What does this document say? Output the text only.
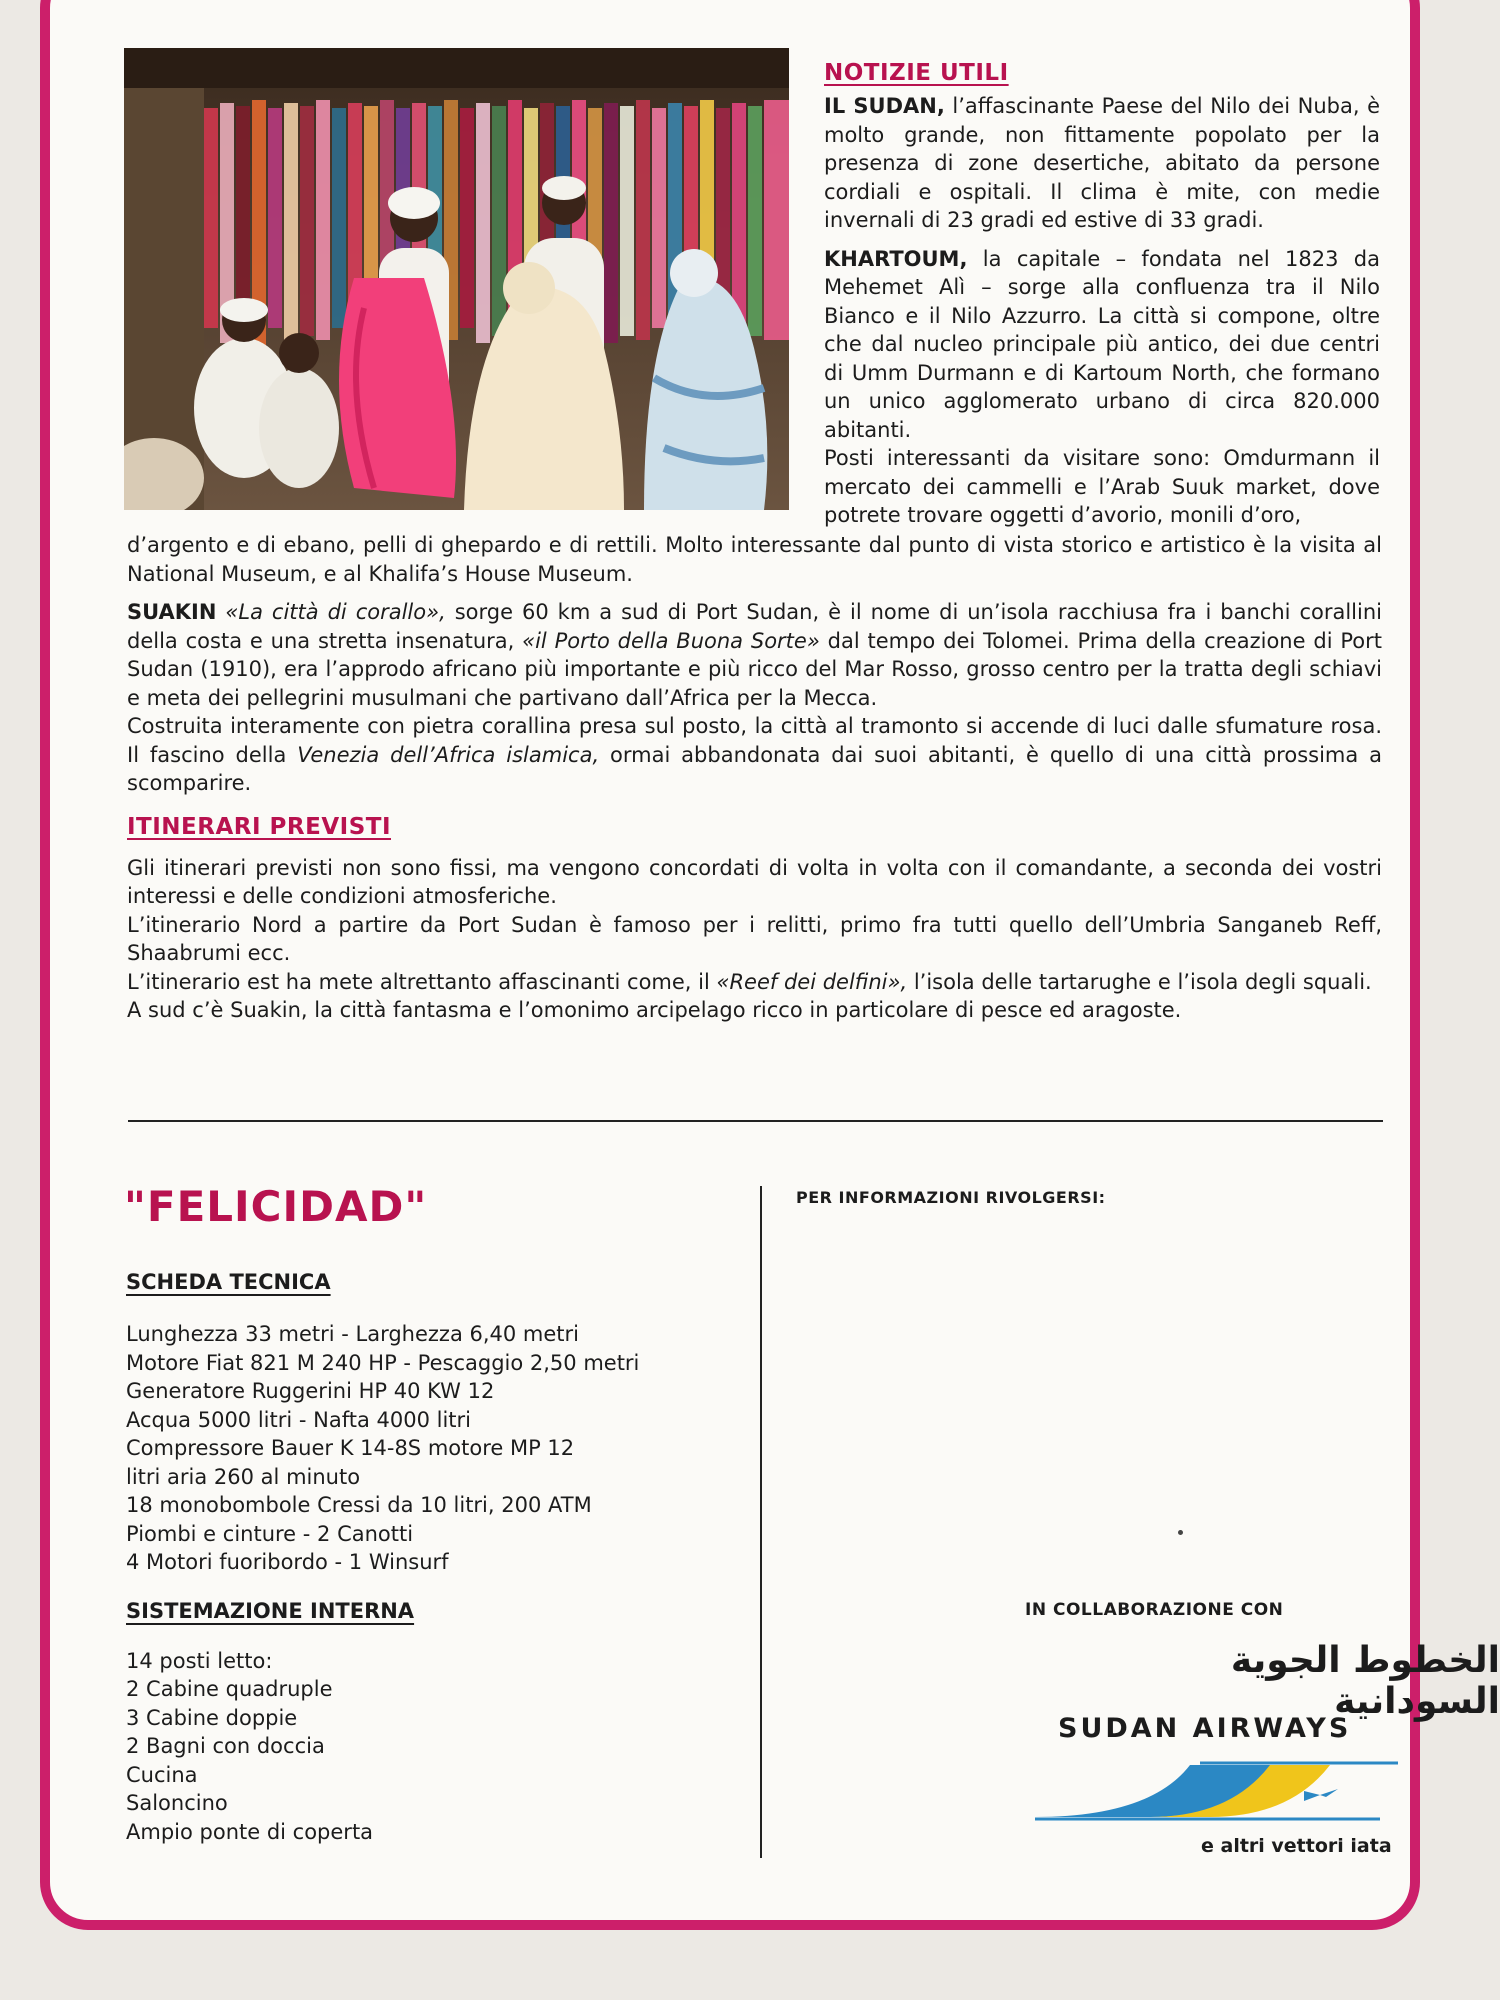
NOTIZIE UTILI

IL SUDAN, l’affascinante Paese del Nilo dei Nuba, è molto grande, non fittamente popolato per la presenza di zone desertiche, abitato da persone cordiali e ospitali. Il clima è mite, con medie invernali di 23 gradi ed estive di 33 gradi.

KHARTOUM, la capitale – fondata nel 1823 da Mehemet Alì – sorge alla confluenza tra il Nilo Bianco e il Nilo Azzurro. La città si compone, oltre che dal nucleo principale più antico, dei due centri di Umm Durmann e di Kartoum North, che formano un unico agglomerato urbano di circa 820.000 abitanti.

Posti interessanti da visitare sono: Omdurmann il mercato dei cammelli e l’Arab Suuk market, dove potrete trovare oggetti d’avorio, monili d’oro,

d’argento e di ebano, pelli di ghepardo e di rettili. Molto interessante dal punto di vista storico e artistico è la visita al National Museum, e al Khalifa’s House Museum.

SUAKIN «La città di corallo», sorge 60 km a sud di Port Sudan, è il nome di un’isola racchiusa fra i banchi corallini della costa e una stretta insenatura, «il Porto della Buona Sorte» dal tempo dei Tolomei. Prima della creazione di Port Sudan (1910), era l’approdo africano più importante e più ricco del Mar Rosso, grosso centro per la tratta degli schiavi e meta dei pellegrini musulmani che partivano dall’Africa per la Mecca.

Costruita interamente con pietra corallina presa sul posto, la città al tramonto si accende di luci dalle sfumature rosa. Il fascino della Venezia dell’Africa islamica, ormai abbandonata dai suoi abitanti, è quello di una città prossima a scomparire.

ITINERARI PREVISTI

Gli itinerari previsti non sono fissi, ma vengono concordati di volta in volta con il comandante, a seconda dei vostri interessi e delle condizioni atmosferiche.

L’itinerario Nord a partire da Port Sudan è famoso per i relitti, primo fra tutti quello dell’Umbria Sanganeb Reff, Shaabrumi ecc.

L’itinerario est ha mete altrettanto affascinanti come, il «Reef dei delfini», l’isola delle tartarughe e l’isola degli squali.

A sud c’è Suakin, la città fantasma e l’omonimo arcipelago ricco in particolare di pesce ed aragoste.

"FELICIDAD"
SCHEDA TECNICA
Lunghezza 33 metri - Larghezza 6,40 metri
Motore Fiat 821 M 240 HP - Pescaggio 2,50 metri
Generatore Ruggerini HP 40 KW 12
Acqua 5000 litri - Nafta 4000 litri
Compressore Bauer K 14-8S motore MP 12
litri aria 260 al minuto
18 monobombole Cressi da 10 litri, 200 ATM
Piombi e cinture - 2 Canotti
4 Motori fuoribordo - 1 Winsurf
SISTEMAZIONE INTERNA
14 posti letto:
2 Cabine quadruple
3 Cabine doppie
2 Bagni con doccia
Cucina
Saloncino
Ampio ponte di coperta
PER INFORMAZIONI RIVOLGERSI:
IN COLLABORAZIONE CON
الخطوط الجوية السودانية
SUDAN AIRWAYS
e altri vettori iata
